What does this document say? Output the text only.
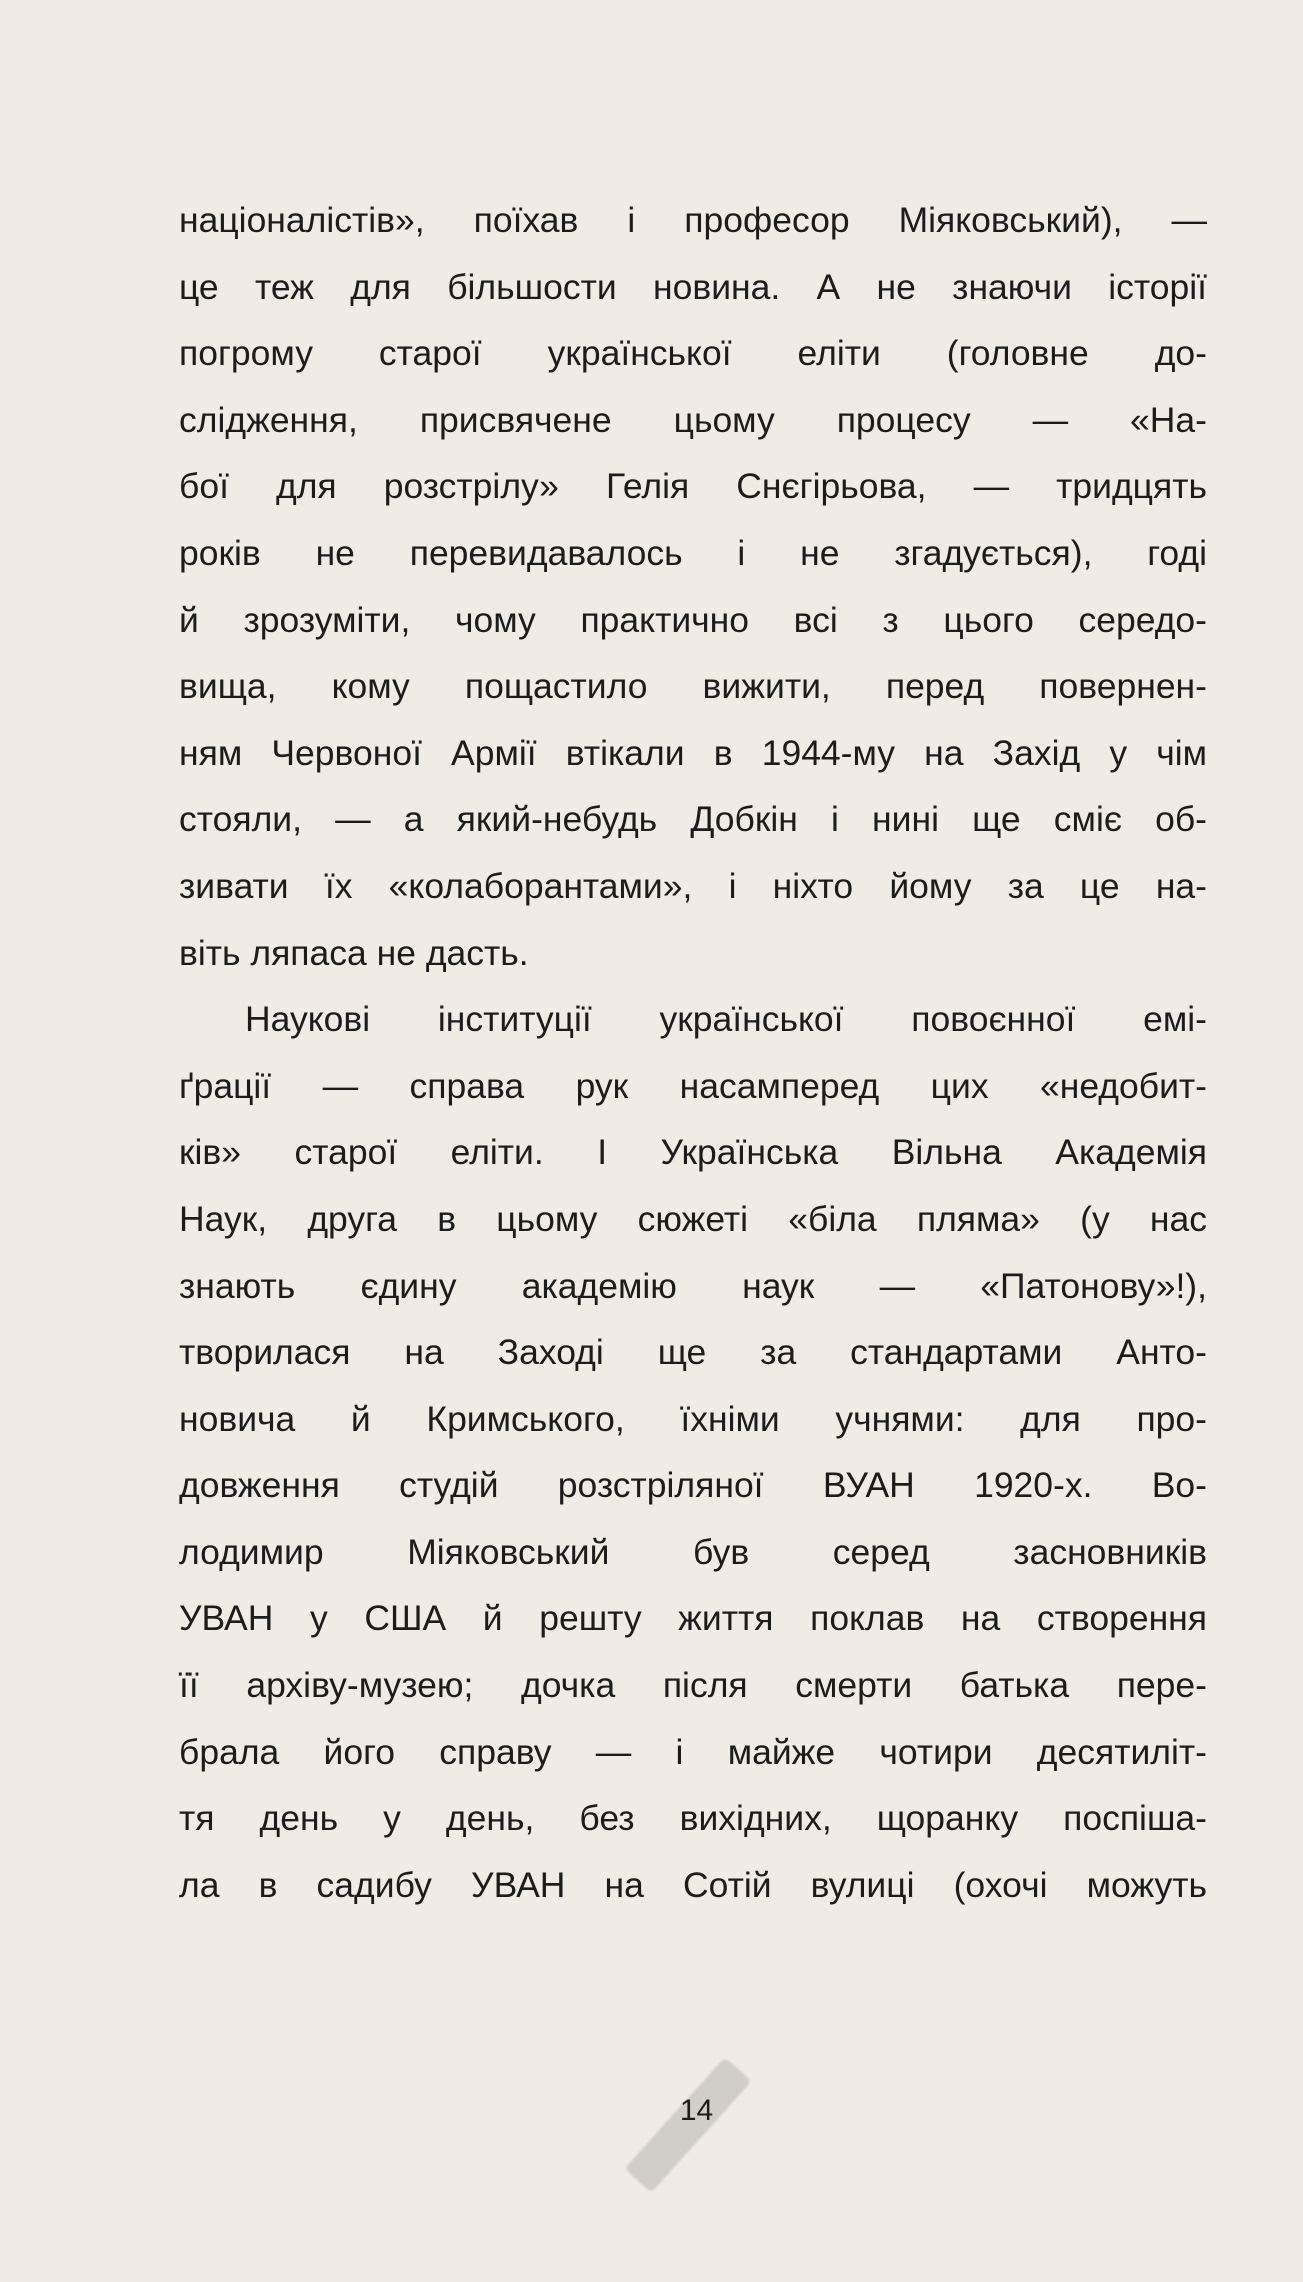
націоналістів», поїхав і професор Міяковський), —
це теж для більшости новина. А не знаючи історії
погрому старої української еліти (головне до-
слідження, присвячене цьому процесу — «На-
бої для розстрілу» Гелія Снєгірьова, — тридцять
років не перевидавалось і не згадується), годі
й зрозуміти, чому практично всі з цього середо-
вища, кому пощастило вижити, перед повернен-
ням Червоної Армії втікали в 1944-му на Захід у чім
стояли, — а який-небудь Добкін і нині ще сміє об-
зивати їх «колаборантами», і ніхто йому за це на-
віть ляпаса не дасть.
Наукові інституції української повоєнної емі-
ґрації — справа рук насамперед цих «недобит-
ків» старої еліти. І Українська Вільна Академія
Наук, друга в цьому сюжеті «біла пляма» (у нас
знають єдину академію наук — «Патонову»!),
творилася на Заході ще за стандартами Анто-
новича й Кримського, їхніми учнями: для про-
довження студій розстріляної ВУАН 1920-х. Во-
лодимир Міяковський був серед засновників
УВАН у США й решту життя поклав на створення
її архіву-музею; дочка після смерти батька пере-
брала його справу — і майже чотири десятиліт-
тя день у день, без вихідних, щоранку поспіша-
ла в садибу УВАН на Сотій вулиці (охочі можуть
14
